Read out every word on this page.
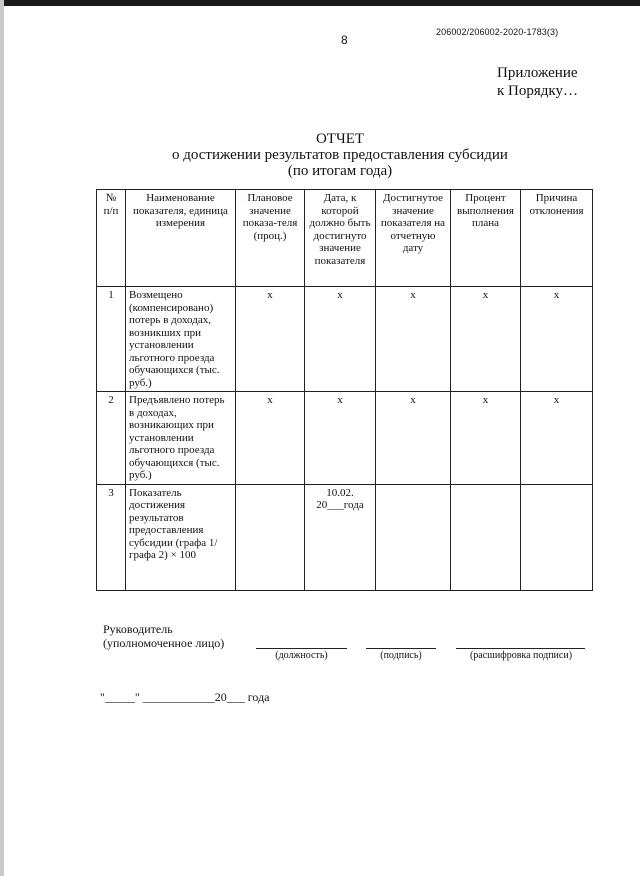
8
206002/206002-2020-1783(3)
Приложение
к Порядку…
ОТЧЕТ
о достижении результатов предоставления субсидии
(по итогам года)
№ п/п	Наименование показателя, единица измерения	Плановое значение показа-теля (проц.)	Дата, к которой должно быть достигнуто значение показателя	Достигнутое значение показателя на отчетную дату	Процент выполнения плана	Причина отклонения
1	Возмещено (компенсировано) потерь в доходах, возникших при установлении льготного проезда обучающихся (тыс. руб.)	х	х	х	х	х
2	Предъявлено потерь в доходах, возникающих при установлении льготного проезда обучающихся (тыс. руб.)	х	х	х	х	х
3	Показатель достижения результатов предоставления субсидии (графа 1/графа 2) × 100		10.02.
20___года			

Руководитель
(уполномоченное лицо)
(должность)	(подпись)	(расшифровка подписи)
"_____" ____________20___ года
